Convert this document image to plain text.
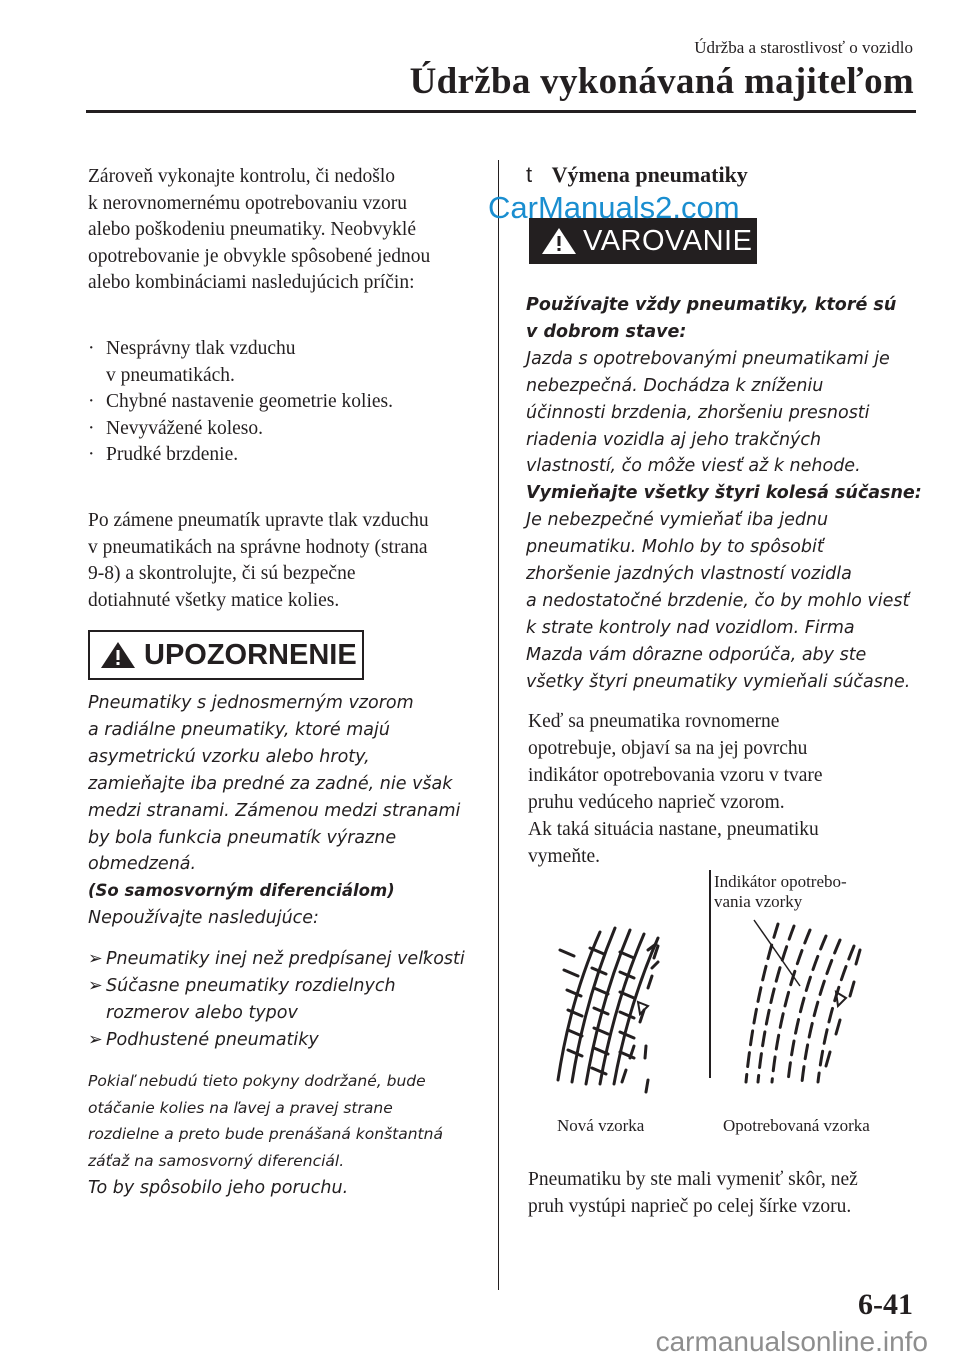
Údržba a starostlivosť o vozidlo
Údržba vykonávaná majiteľom
Zároveň vykonajte kontrolu, či nedošlo
k nerovnomernému opotrebovaniu vzoru
alebo poškodeniu pneumatiky. Neobvyklé
opotrebovanie je obvykle spôsobené jednou
alebo kombináciami nasledujúcich príčin:
· Nesprávny tlak vzduchu
v pneumatikách.
· Chybné nastavenie geometrie kolies.
· Nevyvážené koleso.
· Prudké brzdenie.
Po zámene pneumatík upravte tlak vzduchu
v pneumatikách na správne hodnoty (strana
9-8) a skontrolujte, či sú bezpečne
dotiahnuté všetky matice kolies.
UPOZORNENIE
Pneumatiky s jednosmerným vzorom
a radiálne pneumatiky, ktoré majú
asymetrickú vzorku alebo hroty,
zamieňajte iba predné za zadné, nie však
medzi stranami. Zámenou medzi stranami
by bola funkcia pneumatík výrazne
obmedzená.
(So samosvorným diferenciálom)
Nepoužívajte nasledujúce:
➢ Pneumatiky inej než predpísanej veľkosti
➢ Súčasne pneumatiky rozdielnych
rozmerov alebo typov
➢ Podhustené pneumatiky
Pokiaľ nebudú tieto pokyny dodržané, bude
otáčanie kolies na ľavej a pravej strane
rozdielne a preto bude prenášaná konštantná
záťaž na samosvorný diferenciál.
To by spôsobilo jeho poruchu.
t Výmena pneumatiky
VAROVANIE
Používajte vždy pneumatiky, ktoré sú
v dobrom stave:
Jazda s opotrebovanými pneumatikami je
nebezpečná. Dochádza k zníženiu
účinnosti brzdenia, zhoršeniu presnosti
riadenia vozidla aj jeho trakčných
vlastností, čo môže viesť až k nehode.
Vymieňajte všetky štyri kolesá súčasne:
Je nebezpečné vymieňať iba jednu
pneumatiku. Mohlo by to spôsobiť
zhoršenie jazdných vlastností vozidla
a nedostatočné brzdenie, čo by mohlo viesť
k strate kontroly nad vozidlom. Firma
Mazda vám dôrazne odporúča, aby ste
všetky štyri pneumatiky vymieňali súčasne.
Keď sa pneumatika rovnomerne
opotrebuje, objaví sa na jej povrchu
indikátor opotrebovania vzoru v tvare
pruhu vedúceho naprieč vzorom.
Ak taká situácia nastane, pneumatiku
vymeňte.
Indikátor opotrebo-
vania vzorky
Nová vzorka	Opotrebovaná vzorka
Pneumatiku by ste mali vymeniť skôr, než
pruh vystúpi naprieč po celej šírke vzoru.
CarManuals2.com
6-41
carmanualsonline.info
